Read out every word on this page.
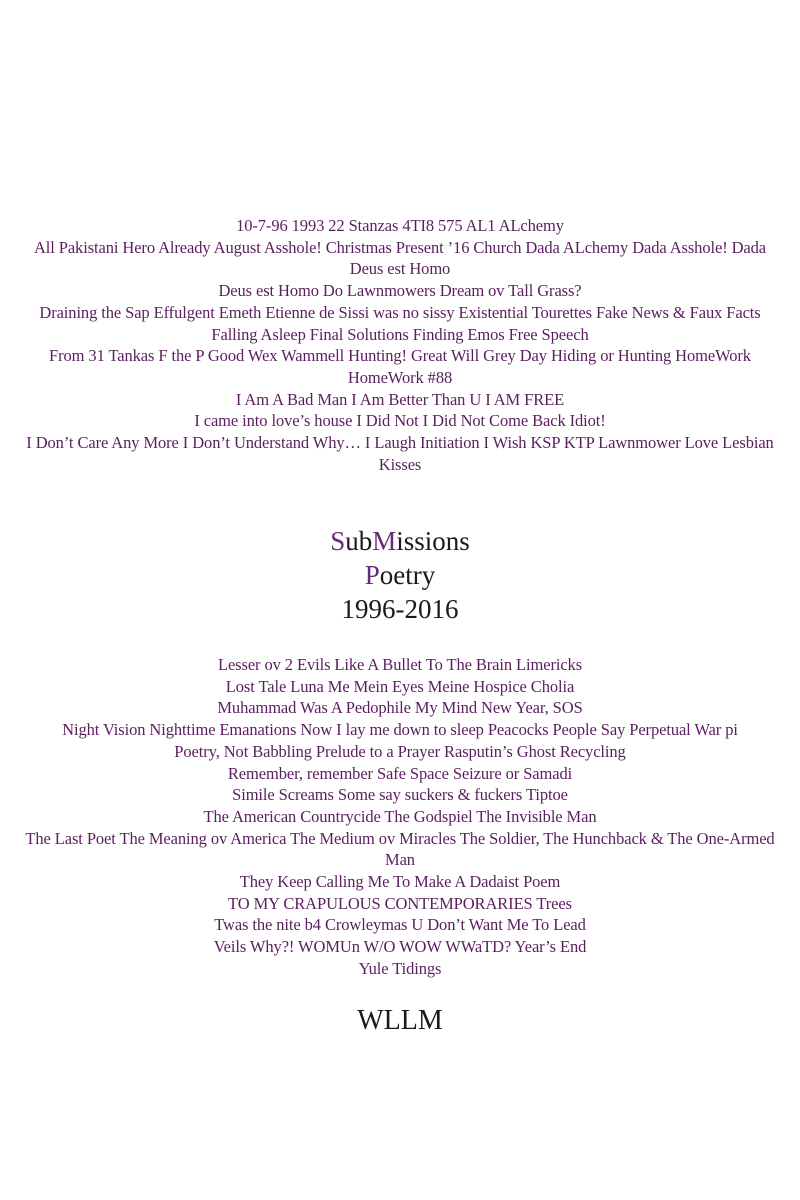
10-7-96 1993 22 Stanzas 4TI8 575 AL1 ALchemy
All Pakistani Hero Already August Asshole! Christmas Present ’16 Church Dada ALchemy Dada Asshole! Dada Deus est Homo
Deus est Homo Do Lawnmowers Dream ov Tall Grass?
Draining the Sap Effulgent Emeth Etienne de Sissi was no sissy Existential Tourettes Fake News & Faux Facts
Falling Asleep Final Solutions Finding Emos Free Speech
From 31 Tankas F the P Good Wex Wammell Hunting! Great Will Grey Day Hiding or Hunting HomeWork HomeWork #88
I Am A Bad Man I Am Better Than U I AM FREE
I came into love’s house I Did Not I Did Not Come Back Idiot!
I Don’t Care Any More I Don’t Understand Why… I Laugh Initiation I Wish KSP KTP Lawnmower Love Lesbian Kisses
SubMissions
Poetry
1996-2016
Lesser ov 2 Evils Like A Bullet To The Brain Limericks
Lost Tale Luna Me Mein Eyes Meine Hospice Cholia
Muhammad Was A Pedophile My Mind New Year, SOS
Night Vision Nighttime Emanations Now I lay me down to sleep Peacocks People Say Perpetual War pi
Poetry, Not Babbling Prelude to a Prayer Rasputin’s Ghost Recycling
Remember, remember Safe Space Seizure or Samadi
Simile Screams Some say suckers & fuckers Tiptoe
The American Countrycide The Godspiel The Invisible Man
The Last Poet The Meaning ov America The Medium ov Miracles The Soldier, The Hunchback & The One-Armed Man
They Keep Calling Me To Make A Dadaist Poem
TO MY CRAPULOUS CONTEMPORARIES Trees
Twas the nite b4 Crowleymas U Don’t Want Me To Lead
Veils Why?! WOMUn W/O WOW WWaTD? Year’s End
Yule Tidings
WLLM
